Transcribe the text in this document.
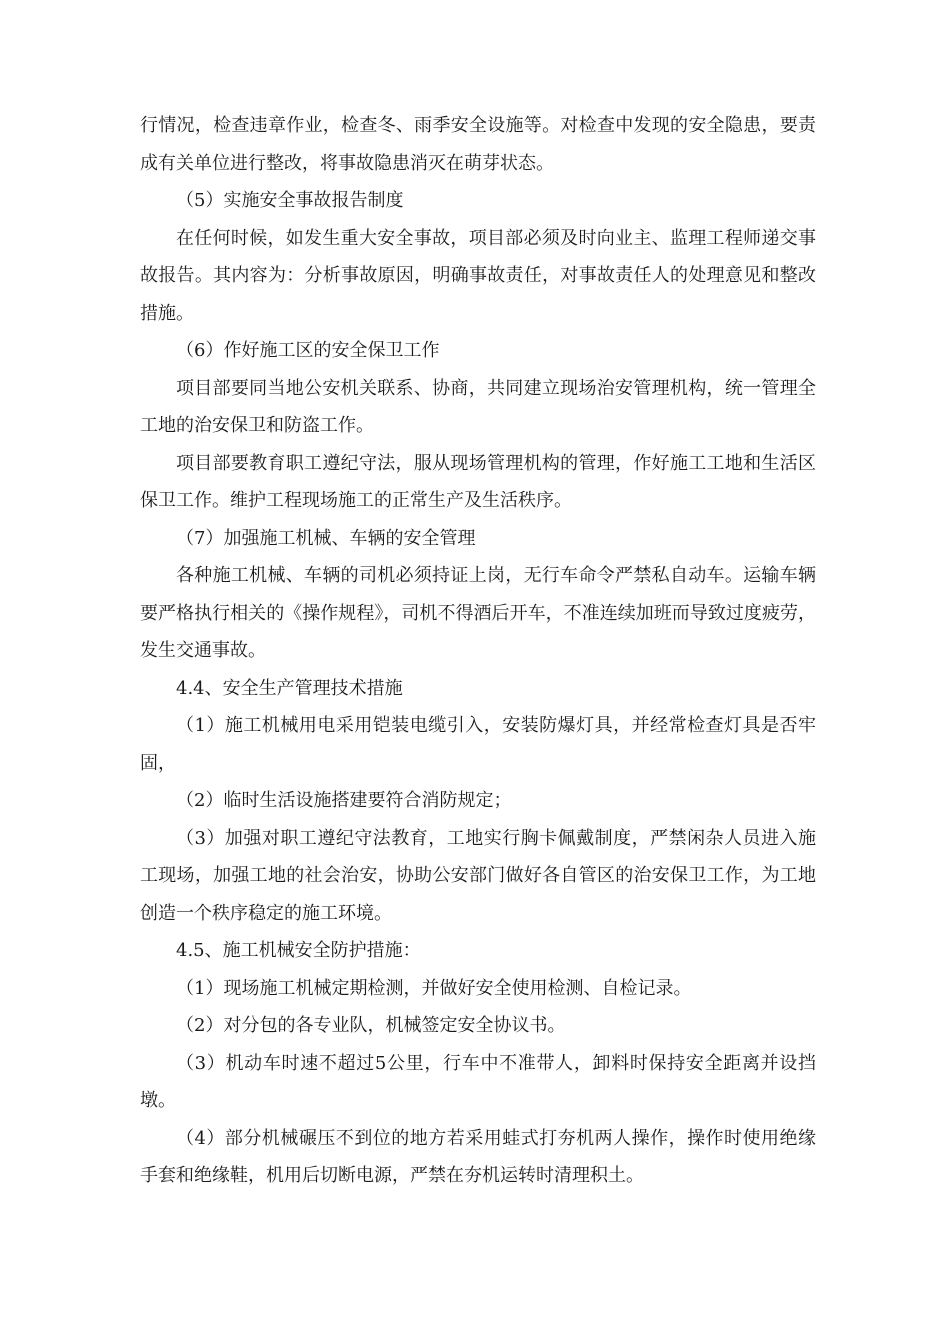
行情况，检查违章作业，检查冬、雨季安全设施等。对检查中发现的安全隐患，要责成有关单位进行整改，将事故隐患消灭在萌芽状态。

（5）实施安全事故报告制度

在任何时候，如发生重大安全事故，项目部必须及时向业主、监理工程师递交事故报告。其内容为：分析事故原因，明确事故责任，对事故责任人的处理意见和整改措施。

（6）作好施工区的安全保卫工作

项目部要同当地公安机关联系、协商，共同建立现场治安管理机构，统一管理全工地的治安保卫和防盗工作。

项目部要教育职工遵纪守法，服从现场管理机构的管理，作好施工工地和生活区保卫工作。维护工程现场施工的正常生产及生活秩序。

（7）加强施工机械、车辆的安全管理

各种施工机械、车辆的司机必须持证上岗，无行车命令严禁私自动车。运输车辆要严格执行相关的《操作规程》，司机不得酒后开车，不准连续加班而导致过度疲劳，发生交通事故。

4.4、安全生产管理技术措施

（1）施工机械用电采用铠装电缆引入，安装防爆灯具，并经常检查灯具是否牢固，

（2）临时生活设施搭建要符合消防规定；

（3）加强对职工遵纪守法教育，工地实行胸卡佩戴制度，严禁闲杂人员进入施工现场，加强工地的社会治安，协助公安部门做好各自管区的治安保卫工作，为工地创造一个秩序稳定的施工环境。

4.5、施工机械安全防护措施：

（1）现场施工机械定期检测，并做好安全使用检测、自检记录。

（2）对分包的各专业队，机械签定安全协议书。

（3）机动车时速不超过5公里，行车中不准带人，卸料时保持安全距离并设挡墩。

（4）部分机械碾压不到位的地方若采用蛙式打夯机两人操作，操作时使用绝缘手套和绝缘鞋，机用后切断电源，严禁在夯机运转时清理积土。
